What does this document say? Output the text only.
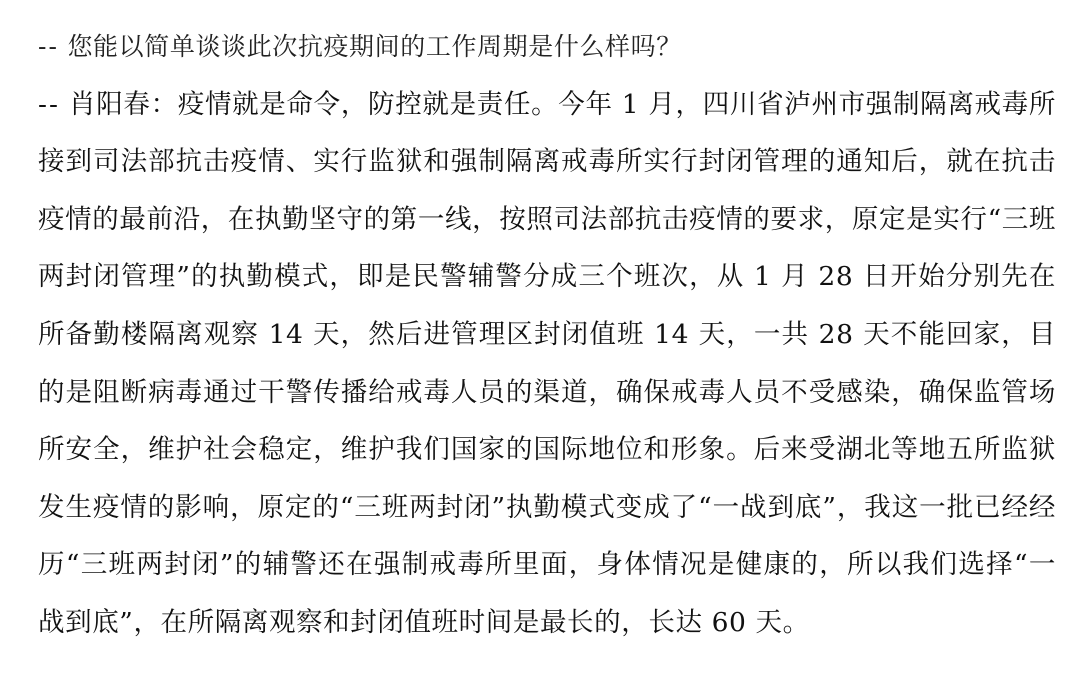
-- 您能以简单谈谈此次抗疫期间的工作周期是什么样吗？

-- 肖阳春：疫情就是命令，防控就是责任。今年 1 月，四川省泸州市强制隔离戒毒所接到司法部抗击疫情、实行监狱和强制隔离戒毒所实行封闭管理的通知后，就在抗击疫情的最前沿，在执勤坚守的第一线，按照司法部抗击疫情的要求，原定是实行“三班两封闭管理”的执勤模式，即是民警辅警分成三个班次，从 1 月 28 日开始分别先在所备勤楼隔离观察 14 天，然后进管理区封闭值班 14 天，一共 28 天不能回家，目的是阻断病毒通过干警传播给戒毒人员的渠道，确保戒毒人员不受感染，确保监管场所安全，维护社会稳定，维护我们国家的国际地位和形象。后来受湖北等地五所监狱发生疫情的影响，原定的“三班两封闭”执勤模式变成了“一战到底”，我这一批已经经历“三班两封闭”的辅警还在强制戒毒所里面，身体情况是健康的，所以我们选择“一战到底”，在所隔离观察和封闭值班时间是最长的，长达 60 天。
